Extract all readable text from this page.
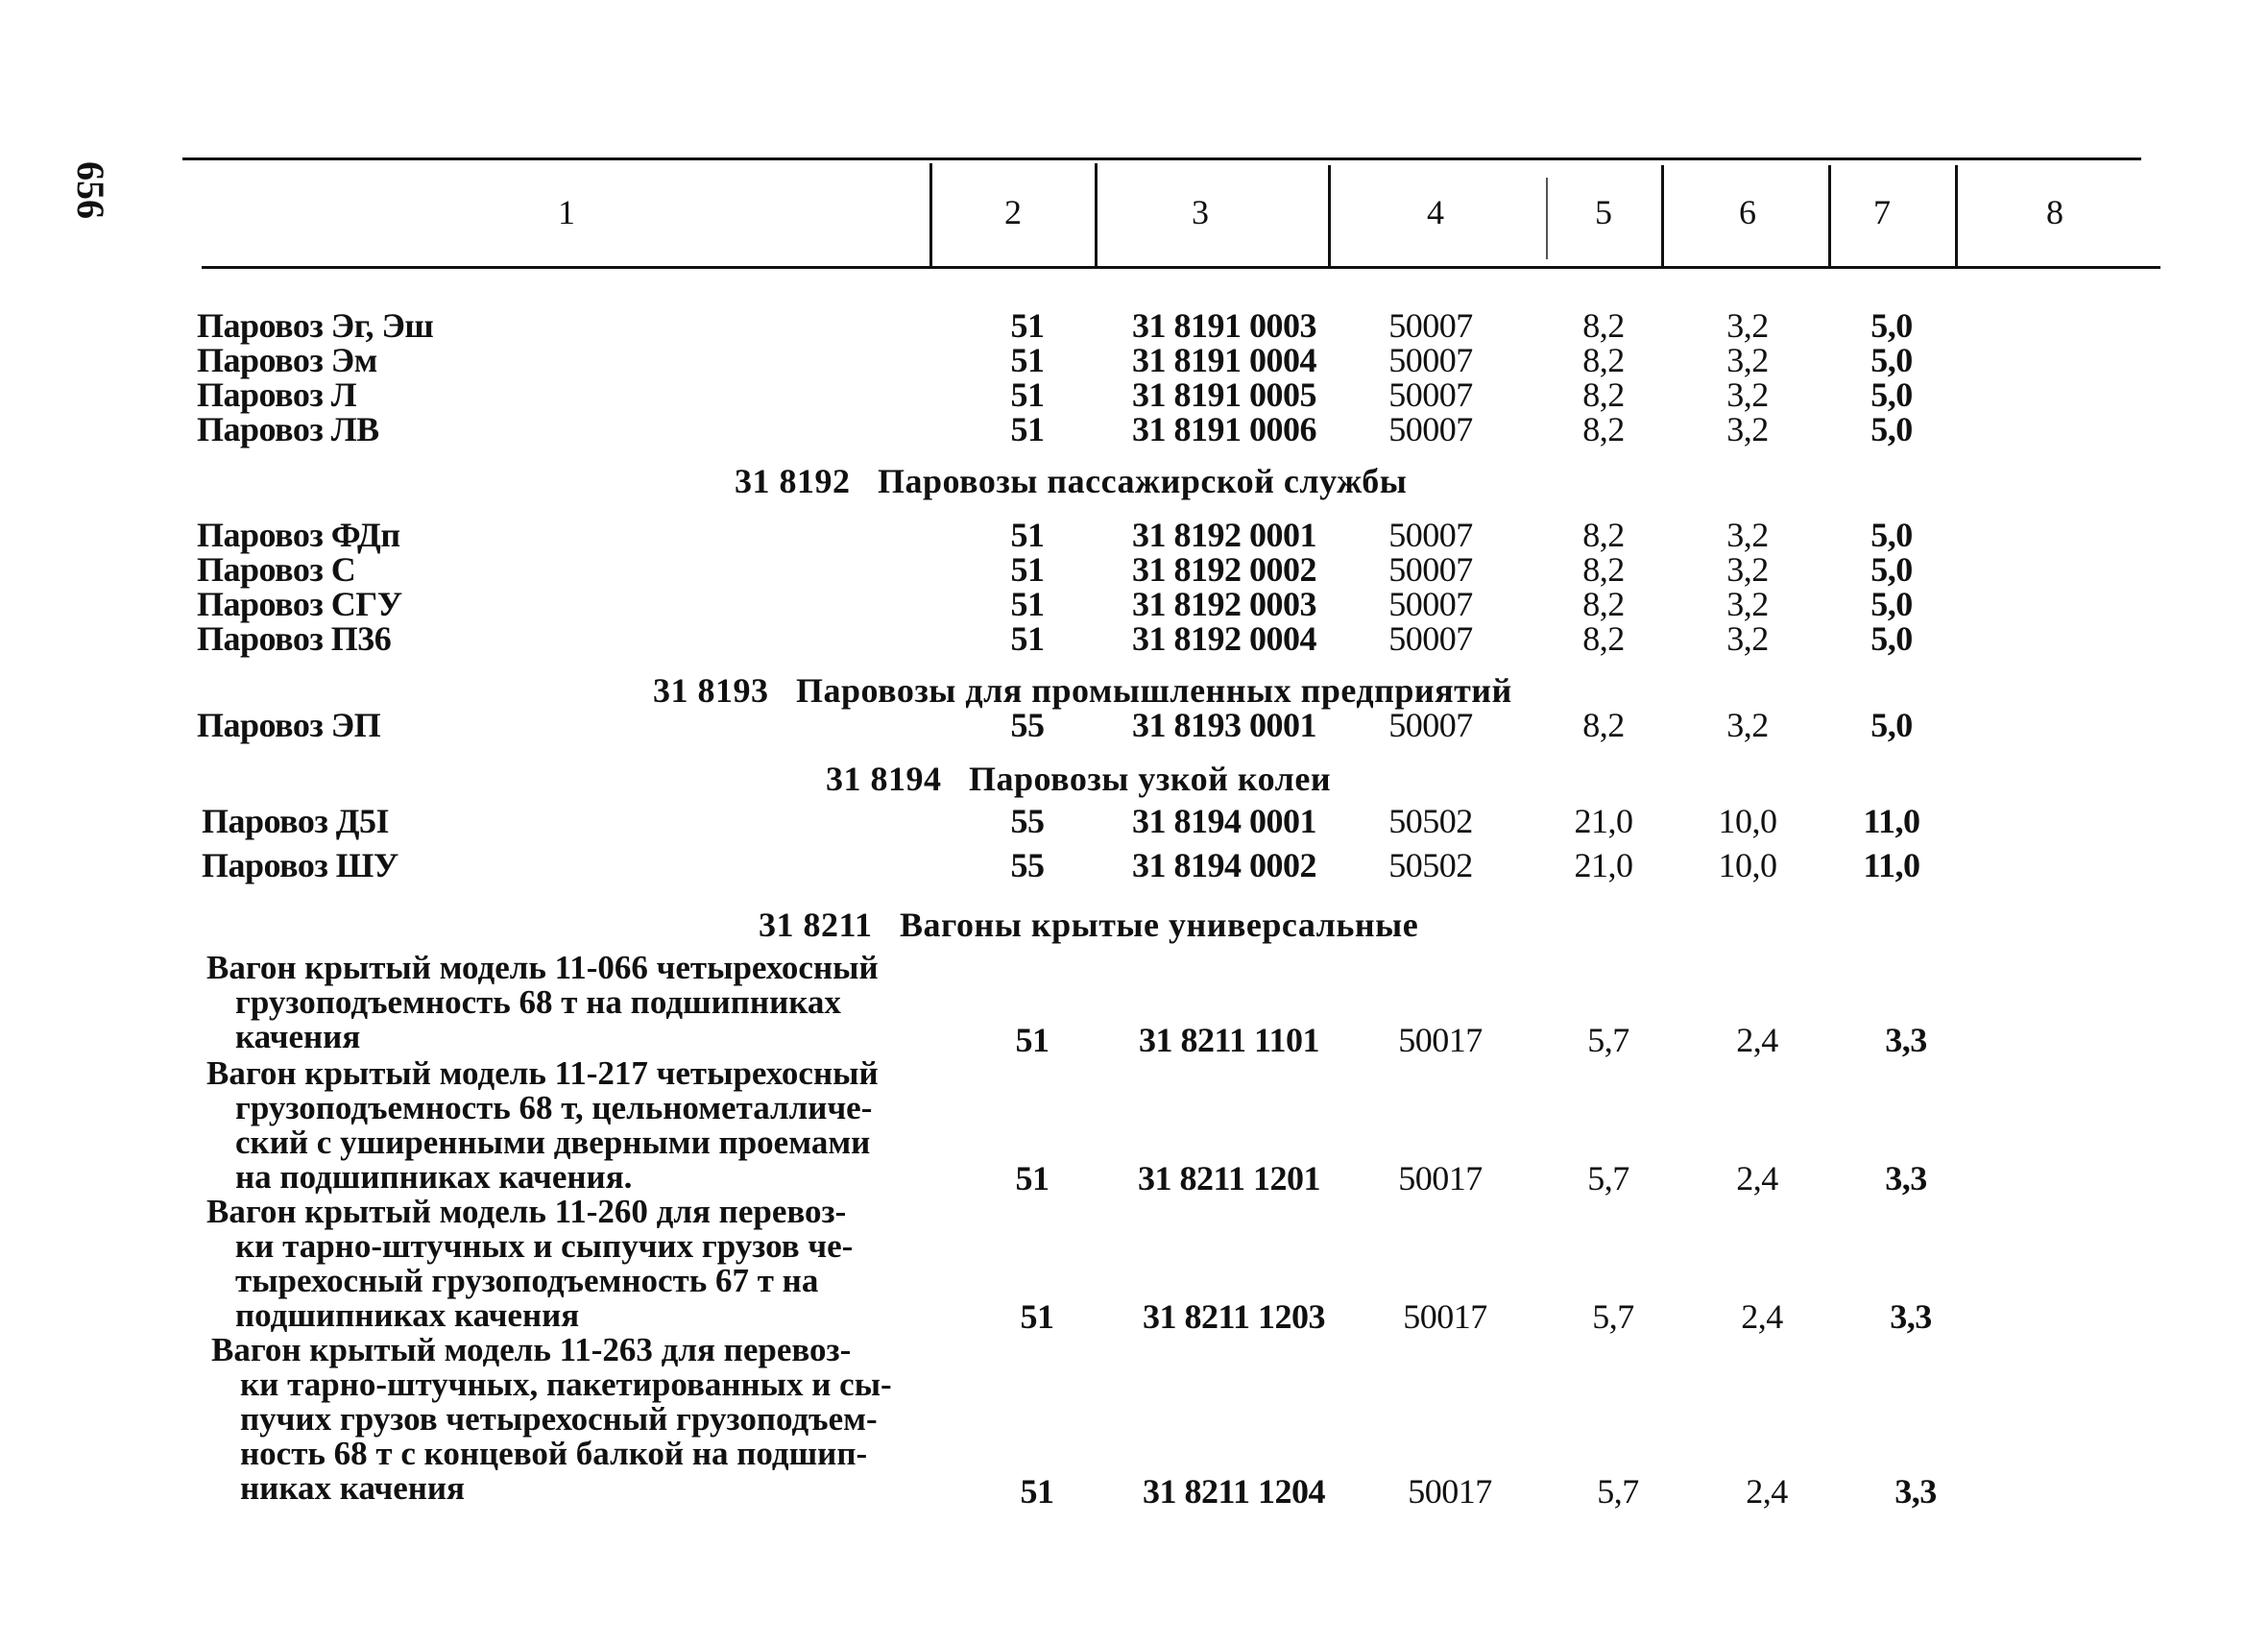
656	1	2	3	4	5	6	7	8
Паровоз Эг, Эш	51	31 8191 0003	50007	8,2	3,2	5,0
Паровоз Эм	51	31 8191 0004	50007	8,2	3,2	5,0
Паровоз Л	51	31 8191 0005	50007	8,2	3,2	5,0
Паровоз ЛВ	51	31 8191 0006	50007	8,2	3,2	5,0
31 8192 Паровозы пассажирской службы
Паровоз ФДп	51	31 8192 0001	50007	8,2	3,2	5,0
Паровоз С	51	31 8192 0002	50007	8,2	3,2	5,0
Паровоз СГУ	51	31 8192 0003	50007	8,2	3,2	5,0
Паровоз П36	51	31 8192 0004	50007	8,2	3,2	5,0
31 8193 Паровозы для промышленных предприятий
Паровоз ЭП	55	31 8193 0001	50007	8,2	3,2	5,0
31 8194 Паровозы узкой колеи
Паровоз Д5I	55	31 8194 0001	50502	21,0	10,0	11,0
Паровоз ШУ	55	31 8194 0002	50502	21,0	10,0	11,0
31 8211 Вагоны крытые универсальные
Вагон крытый модель 11-066 четырехосный
грузоподъемность 68 т на подшипниках
качения	51	31 8211 1101	50017	5,7	2,4	3,3
Вагон крытый модель 11-217 четырехосный
грузоподъемность 68 т, цельнометалличе-
ский с уширенными дверными проемами
на подшипниках качения.	51	31 8211 1201	50017	5,7	2,4	3,3
Вагон крытый модель 11-260 для перевоз-
ки тарно-штучных и сыпучих грузов че-
тырехосный грузоподъемность 67 т на
подшипниках качения	51	31 8211 1203	50017	5,7	2,4	3,3
Вагон крытый модель 11-263 для перевоз-
ки тарно-штучных, пакетированных и сы-
пучих грузов четырехосный грузоподъем-
ность 68 т с концевой балкой на подшип-
никах качения	51	31 8211 1204	50017	5,7	2,4	3,3
